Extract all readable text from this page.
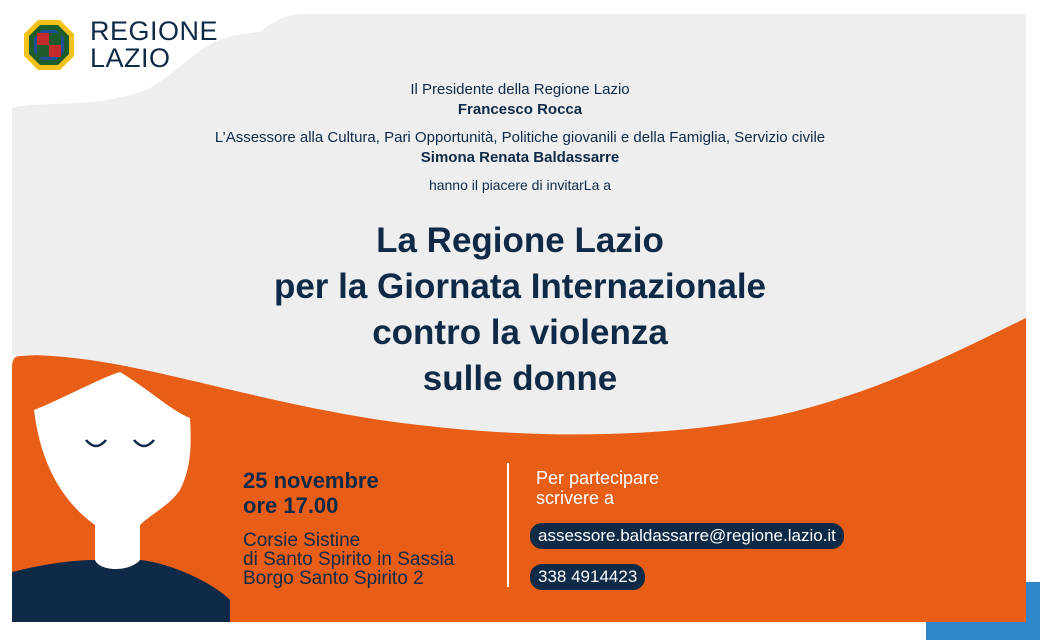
REGIONE
LAZIO
Il Presidente della Regione Lazio
Francesco Rocca
L’Assessore alla Cultura, Pari Opportunità, Politiche giovanili e della Famiglia, Servizio civile
Simona Renata Baldassarre
hanno il piacere di invitarLa a
La Regione Lazio
per la Giornata Internazionale
contro la violenza
sulle donne
25 novembre
ore 17.00
Corsie Sistine
di Santo Spirito in Sassia
Borgo Santo Spirito 2
Per partecipare
scrivere a
assessore.baldassarre@regione.lazio.it
338 4914423
